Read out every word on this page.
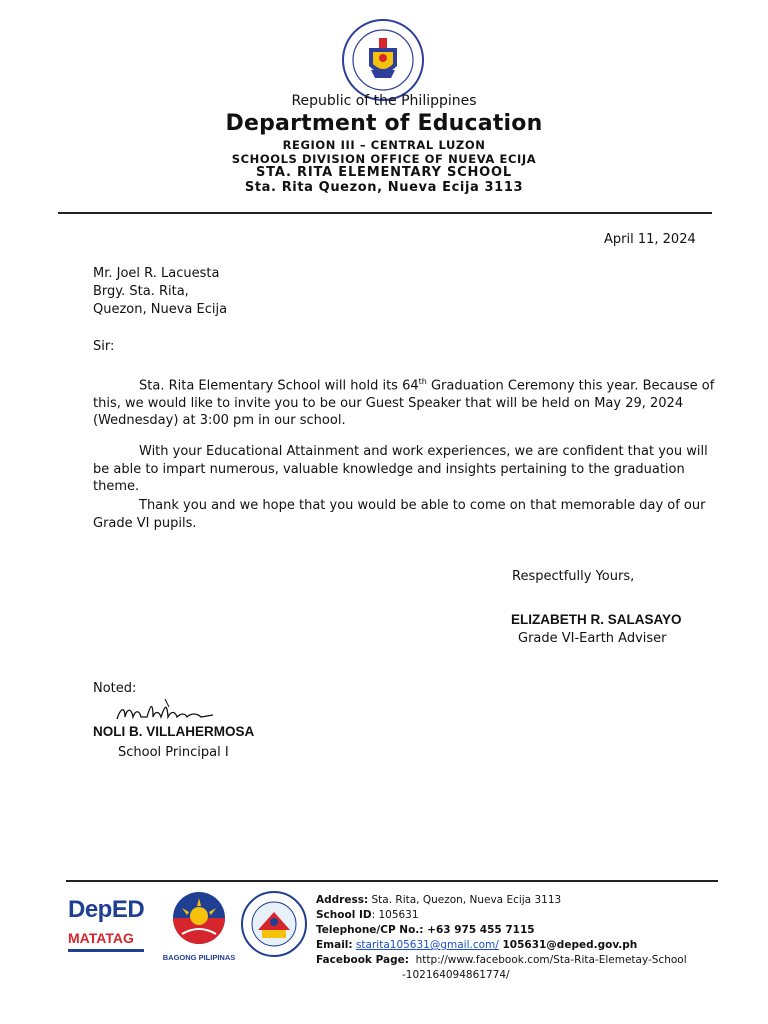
Republic of the Philippines
Department of Education
REGION III – CENTRAL LUZON
SCHOOLS DIVISION OFFICE OF NUEVA ECIJA
STA. RITA ELEMENTARY SCHOOL
Sta. Rita Quezon, Nueva Ecija 3113
April 11, 2024
Mr. Joel R. Lacuesta
Brgy. Sta. Rita,
Quezon, Nueva Ecija
Sir:
Sta. Rita Elementary School will hold its 64th Graduation Ceremony this year. Because of this, we would like to invite you to be our Guest Speaker that will be held on May 29, 2024 (Wednesday) at 3:00 pm in our school.
With your Educational Attainment and work experiences, we are confident that you will be able to impart numerous, valuable knowledge and insights pertaining to the graduation theme.
Thank you and we hope that you would be able to come on that memorable day of our Grade VI pupils.
Respectfully Yours,
ELIZABETH R. SALASAYO
Grade VI-Earth Adviser
Noted:
NOLI B. VILLAHERMOSA
School Principal I
DepED
MATATAG
BAGONG PILIPINAS
Address: Sta. Rita, Quezon, Nueva Ecija 3113
School ID: 105631
Telephone/CP No.: +63 975 455 7115
Email: starita105631@gmail.com/ 105631@deped.gov.ph
Facebook Page: http://www.facebook.com/Sta-Rita-Elemetay-School
-102164094861774/
